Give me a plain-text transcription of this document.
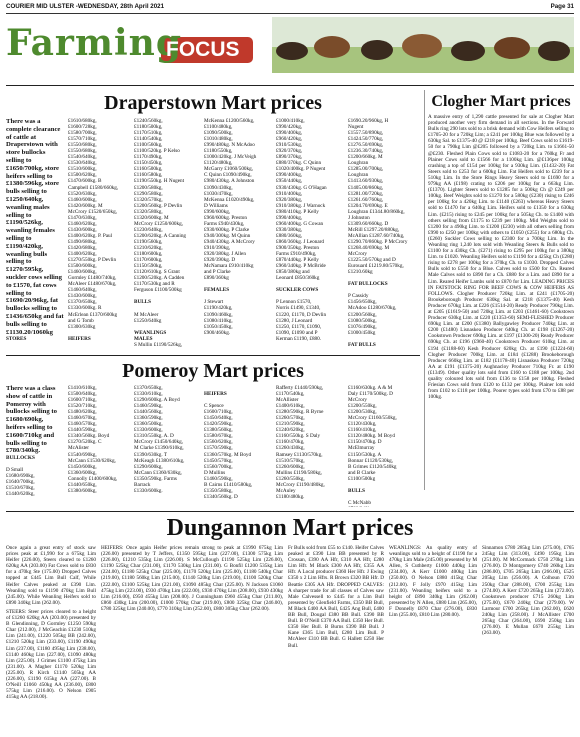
COURIER MID ULSTER -WEDNESDAY, 28th April 2021	Page 31
Farming
FOCUS
Draperstown Mart prices	Clogher Mart prices
There was a complete clearance of cattle at Draperstown with store bullocks selling to £1650/700kg, store heifers selling to £1380/596kg, store bulls selling to £1250/640kg, weanling males selling to £1190/526kg, weanling females selling to £1190/420kg, weanling bulls selling to £1270/595kg, suckler cows selling to £1570, fat cows selling to £1690/20/96kg, fat bullocks selling to £1436/650kg and fat bulls selling to £1130.20/1060kg
STORES

£1610/680kg,
£1600/728kg,
£1580/700kg,
£1570/710kg,
£1550/680kg,
£1550/680kg,
£1540/640kg,
£1530/640kg,
£1510/600kg,
£1500/620kg,
£1470/600kg. B
Campbell £1580/660kg,
£1520/630kg,
£1460/600kg,
£1420/600kg. M
McCrory £1520/650kg,
£1470/630kg,
£1460/620kg,
£1430/600kg,
£1400/620kg. P. Paul
£1490/680kg,
£1420/680kg,
£1400/620kg,
£1270/550kg. P Devlin
£1500/600kg,
£1460/600kg,
Gormley £1480/740kg,
McAleer £1480/670kg,
£1460/640kg,
£1430/600kg,
£1370/650kg,
£1330/600kg. R
McErlean £1370/600kg
and G Tomb
£1300/630kg

HEIFERS

£1240/560kg,
£1180/500kg,
£1170/510kg,
£1140/540kg,
£1100/560kg,
£1100/520kg. P Kelso
£1170/490kg,
£1150/450kg,
£1160/500kg,
£1160/580kg,
£1190/550kg. H Nugent
£1200/580kg,
£1290/580kg,
£1320/570kg,
£1200/560kg. P Devlin
£1320/580kg,
£1320/600kg. M
McCrory £1250/600kg,
£1230/640kg,
£1200/620kg. A Canning
£1190/560kg,
£1210/620kg,
£1180/600kg,
£1170/600kg,
£1150/590kg,
£1120/610kg. S Grant
£1200/520kg. A Cadden
£1170/530kg and R
Ferguson £1100/500kg

BULLS

M McAleer
£1250/640kg

WEANLINGS
MALES
S Mullin £1190/526kg,
McKenna £1200/560kg,
£1100/480kg,
£1090/500kg,
£1010/480kg,
£990/480kg. N McAdoo
£1180/550kg,
£1000/420kg. J McVeigh
£1120/480kg,
McGarry £1060/500kg,
C Quinn £1090/490kg,
£980/430kg. A Johnston
£1090/430kg,
£1030/470kg,
McKenna £1020/490kg,
D Williams
£990/600kg,
£960/600kg. Preston
Farms £940/430kg,
£930/600kg. P Clarke
£940/300kg. M Quinn
£940/430kg. A McCrory
£910/390kg,
£920/380kg. J Allen
£920/390kg. D
McNamara £910/410kg
and P Clarke
£890/360kg

FEMALES

J Stewart
£1190/420kg,
£1090/460kg,
£1080/410kg,
£1050/450kg,
£900/460kg.
£1000/410kg,
£990/420kg,
£990/400kg,
£960/420kg,
£910/530kg,
£920/370kg,
£890/370kg,
£880/370kg. C Quinn
£1020/400kg. P Nugent
£990/400kg,
£950/440kg,
£930/430kg. G O'Hagan
£910/400kg,
£920/380kg,
£910/380kg. J Warnock
£980/410kg. P Kelly
£990/400kg,
£960/400kg. G Cowan
£930/380kg,
£880/360kg,
£860/360kg. J Leonard
£900/350kg. Preston
Farms £910/490kg,
£870/440kg. P Kelly
£960/340kg. P McBride
£850/380kg and
Leonard £850/360kg

SUCKLER COWS

P Lennon £1570,
Norris £1490, £1340,
£1220, £1170, D Devlin
£1280, J Leonard
£1250, £1170, £1090,
£1090, £1090 and P
Kerman £1190, £880.

£1690.20/960kg, H
Nugent
£1557.50/890kg,
£1424.50/770kg,
£1276.50/690kg,
£1236.30/740kg,
£1200/660kg. M
Loughran
£1285.00/700kg,
Loughran
£1413.60/930kg,
£1405.00/860kg,
£1281.00/720kg,
£1261.60/760kg,
£1204.70/690kg. E
Loughran £1344.80/860kg,
J Johnston
£1309.60/660kg. D
McRill £1297.20/880kg,
McAllian £1287.60/740kg,
£1290.70/860kg. P McCrory
£1268.40/690kg. M
McCrory
£1225.50/570kg and D
Eurouard £1219.80/570kg,
£1210.60kg

FAT BULLOCKS

P Cassidy
£1456/650kg,
McAdoo £1280/670kg,
£1200/560kg,
£1080/500kg,
£1076/490kg,
£1000/450kg

FAT BULLS

A massive entry of 1,290 cattle presented for sale at Clogher Mart produced another very firm demand in all sections. In the Forward Bulls ring 290 lots sold to a brisk demand with Cow Heifers selling to £1705-20 for a 720kg Lim; a £241 per 100kg Blue was followed by a 630kg Sal. to £1375-40 @ £218 per 100kg. Beef Cows sold to £1619-50 for a 790kg Lim @£205 followed by a 720kg Lim. to £1661-50 @£230. Fleshed Plain Cows sold to £1083-20 for a 760kg Fr and Plainer Cows sold to £1566 for a 1100kg Lim. @£136per 100kg crashing a top of £154 per 100kg for a 930kg Lim. (£1432-20) Fat Steers sold to £253 for a 600kg Lim. Fat Heifers sold to £239 for a 510kg Lim. In the Store Rings Heavy Steers sold to £1690 for a 979kg AA (£198) crating to £206 per 100kg for a 663kg Lim. (£1370). Lighter Steers sold to £1285 for a 500kg Ch @ £249 per 100kg. Beef Weights sold to £1270 for a 580kg (£230) rising to £246 per 100kg for a 420kg Lim. to £1140 (£263) whereas Heavy Steers sold to £1470 for a 640kg Lim. Heifers sold to £1350 for a 630kg Lim. (£215) rising to £245 per 100kg for a 505kg Ch. to £1400 with others selling from £1175 to £239 per 100kg. Mid Weights sold to £1200 for a 490kg Lim. to £1200 (£230) with all others selling from £990 to £250 per 100kg with others to £1050 (£255) for a 680kg Ch. (£260) Suckler Cows selling to £2300 for a 700kg Lim. In the Weanling ring 1,240 lots sold with Weanling Steers & Bulls sold to £1100 for a 430kg Ch. (£271) rising to £295 per 100kg for a 380kg Lim. to £1020. Weanling Heifers sold to £1190 for a 425kg Ch (£280) rising to £278 per 100kg for a 370kg Ch. to £1030. Dropped Calves Bulls sold to £550 for a Blue. Calves sold to £500 for Ch. Reared Male Calves sold to £890 for a Ch. £880 for a Lim. and £890 for a Lim. Reared Heifer Lambs sold to £870 for Lim. LEADING PRICES IN FATSTOCK RING FOR BEEF COWS & COW HEIFERS AS FOLLOWS. Clogher Producer 720kg Lim. at £241 (£1705-20) Brookeborough Producer 630kg Sal. at £218 (£1375-40) Kesh Producer 670kg Lim. at £226 (£1514-20) Ready Producer 790kg Lim. at £205 (£1619-50) and 720kg Lim. at £203 (£1461-60) Cookstown Producer 630kg Lim. at £220 (£1353-60) SEMI-FLESHED Producer 690kg Lim. at £200 (£1380) Ballygawley Producer 740kg Lim. at £200 (£1480) Lisnaskea Producer 640kg Ch. at £198 (£1267-20) Cookstown Producer 690kg Lim. at £197 (£1300-20) Ready Producer 690kg Ch. at £196 (£960-40) Cookstown Producer 610kg Lim. at £194 (£1188-60) Kesh Producer 620kg Ch. at £190 (£1224-60) Clogher Producer 700kg Lim. at £184 (£1288) Brookeborough Producer 660kg Lim. at £182 (£1178-40) Lisnaskea Producer 720kg AA at £191 (£1375-20) Aughnacloy Producer 710kg Fr. at £190 (£1349). Other quality lots sold from £160 to £188 per 100kg. 2nd quality coloured lots sold from £136 to £158 per 100kg. Fleshed Friesian Cows sold from £120 to £132 per 100kg. Plainer lots sold from £102 to £118 per 100kg. Poorer types sold from £70 to £88 per 100kg.
Pomeroy Mart prices
There was a class show of cattle in Pomeroy with bullocks selling to £1680/690kg, heifers selling to £1600/710kg and bulls selling to £780/340kg.
BULLOCKS

D Small
£1680/690kg,
£1640/700kg,
£1510/670kg,
£1440/620kg,
£1410/610kg,
£1500/640kg,
£1600/710kg,
£1520/710kg,
£1480/620kg,
£1460/670kg,
£1460/570kg,
£1440/590kg,
£1340/560kg. Boyd
£1270/520kg. C
McAlister
£1540/690kg,
McCann £1530/620kg,
£1450/600kg,
£1360/600kg,
Connolly £1400/600kg,
£1440/650kg,
£1380/600kg,
£1370/650kg,
£1330/610kg,
£1290/600kg. A Boyd
£1460/590kg,
£1440/560kg,
£1360/590kg,
£1360/500kg,
£1330/600kg,
£1310/550kg. A. D
McCrory £1450/640kg,
M Clarke £1390/610kg,
£1390/630kg. T
McKeagh £1380/610kg,
£1290/600kg,
McCann £1360/630kg,
£1350/590kg. Farms
Barrack
£1330/600kg.

HEIFERS

C Spence
£1600/710kg,
£1450/640kg,
£1420/590kg,
£1380/560kg,
£1580/670kg,
£1560/620kg,
£1570/590kg,
£1360/570kg. M Boyd
£1450/570kg,
£1560/700kg,
D Mullins
£1460/590kg,
B Cairns £1410/580kg,
£1350/580kg,
£1340/560kg. D
Rafferty £1440/590kg,
£1170/540kg,
McAllister
£1400/610kg,
£1280/590kg. R Byrne
£1260/570kg,
£1210/590kg,
£1240/620kg,
£1160/550kg. S Daly
£1160/470kg,
£1260/430kg,
Ramsey £1130/570kg,
£1510/570kg,
£1260/600kg,
Mullins £1190/580kg,
£1260/550kg,
McCrory £1190/480kg,
McAuley
£1180/480kg.
£1160/630kg. A & M
Daly £1170/500kg. D
McCrory
£1200/550kg,
£1200/530kg,
McCrory £1160/550kg,
£1120/430kg,
£1160/410kg,
£1120/480kg. M Boyd
£1150/470kg. D
McElmurray
£1150/530kg. A
Bonnar £1120/530kg,
B Grimes £1120/540kg
and B Clarke
£1100/500kg

BULLS

C McNabb
Dungannon Mart prices
Once again a great entry of stock saw prices peak at £1,990 for a 675kg Lim Heifer (226.00), Steers cleared to £1260 620kg AA (203.00) Fat Cows sold to £830 for a 470kg Ste (175.00) Dropped Calves topped at £445 Lim Bull Calf, While Heifer Calves peaked at £390 Lim. Weanling sold to £1190 470kg Lim Bull (245.00). While Weanling Heifers sold to £890 340kg Lim (262.00).
STEERS: Steer prices cleared to a height of £1260 620kg AA (203.00) presented by B Glendinning, D Gormley £1250 590kg Char (212.00), J McGeachin £1230 510kg Lim (241.00), £1220 505kg BB (242.00), £1210 520kg Lim (233.00), £1190 490kg Lim (237.00), £1180 495kg Lim (238.00), £1140 460kg Lim (227.00), £1090 480kg Lim (225.00). J Grimes £1100 475kg Lim (231.00). A Magher £1170 520kg Lim (225.00). R Kirch £1140 505kg AA (226.00), £1190 615kg AA (227.00). B O'Neill £1060 450kg AA (236.00), £800 575kg Lim (216.00). O Nelson £905 415kg AA (218.00).
HEIFERS: Once again Heifer prices remain strong to peak at £1990 675kg Lim (226.00) presented by T Jeffers, £1350 595kg Lim (227.00), £1300 575kg Lim (226.00), £1210 535kg Lim (226.00). S McCullough £1190 525kg Lim (226.00), £1190 525kg Char (231.00), £1170 530kg Lim (231.00). G Bonfil £1200 535kg Lim (224.00), £1180 525kg Char (225.00), £1170 520kg Lim (225.00), £1180 540kg Char (219.00), £1180 560kg Lim (215.00), £1140 520kg Lim (219.00), £1100 520kg Char (222.00), £1100 525kg Lim (221.00), £1090 485kg Char (225.00). N Jackson £1060 475kg Lim (223.00), £930 470kg Lim (222.00), £930 470kg Lim (208.00), £930 430kg Lim (216.00), £950 455kg Lim (208.00). J Cunningham £960 455kg Char (211.00), £860 430kg Lim (200.00), £1000 570kg Char (219.00), £800 325kg Char (246.00), £780 325kg Lim (240.00), £770 310kg Lim (252.00), £800 305kg Char (262.00).
Fr Bulls sold from £55 to £140. Heifer Calves peaked at £390 Lim BB presented by R Crossan, £390 AA Hfr, £310 AA Hfr, £280 Lim Hfr. M Black £300 AA Hfr, £355 AA Hfr. A Local producer £360 Her Hfr. J Ewing £350 x 2 Lim Hfrs. R Brown £320 BB Hfr. D Beattie £305 AA Hfr. DROPPED CALVES: A sharper trade for all classes of Calves saw Male Calvessell to £445 for a Lim Bull presented by Glenfield Farms, £350 BB Bull, M Black £400 AA Bull, £425 Ang Bull, £400 BB Bull, Dougal £380 BB Bull. £390 BB Bull. B O'Neill £370 AA Bull. £350 Her Bull. £350 Her Bull. B Burns £390 BB Bull. J Kane £365 Lim Bull, £280 Lim Bull. P McAleer £310 BB Bull. G Hallett £250 Her Bull.
WEANLINGS: An quality entry of weanlings sold to a height of £1190 for a 470kg Lim Male (245.00) presented by M Allen, S Cuthberty £1000 440kg Lim (234.00), A Kerr £1000 400kg Lim (250.00). O Nelson £880 415kg Char (212.00). F Jolly £970 415kg Lim (231.00). Weanling heifers sold to a height of £890 340kg Lim (262.00) presented by N Allen, £880 Lim (265.00), F Donnelly £870 Char (276.00), £830 Lim (255.00), £810 Lim (280.00).
Sinnamon £780 285kg Lim (275.00), £765 245kg Lim (313.00), £490 195kg Lim (251.00). M McCormack £750 270kg Lim (276.00). D Montgomery £740 260kg Lim (286.00), £705 265kg Lim (266.00), £525 205kg Lim (256.00). A Colhoun £720 250kg Char (288.00), £700 255kg Lim (274.00). A Kerr £720 265kg Lim (272.00). Cookstown producer £715 260kg Lim (275.00), £670 240kg Char (279.00). W Larmour £700 265kg Lim (262.00), £620 240kg Lim (258.00). J McAllister £700 265kg Char (264.00), £690 250kg Lim (276.00). E Mullan £670 255kg Lim (263.00).
